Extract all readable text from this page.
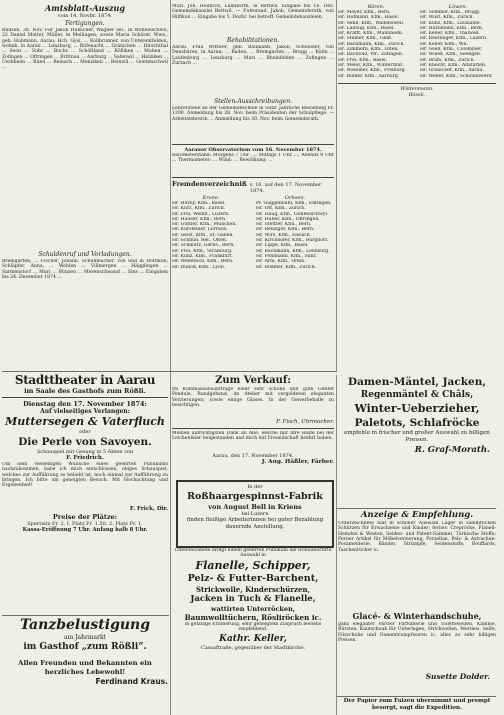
·
·
·
·
·
Amtsblatt-Auszug
vom 14. Novbr. 1874.
Fertigungen.

Bünzen, 28. Nov. Für Jakob Hübscher, Wagner sel., in Wohlenschwil, 22 Daniel Matter, Müller, in Mellingen; sowie Maria Schärer, Wwe., geb. Hubmann, Aarau; Hch. Gysi, ... Kollbrunner, von Unterentfelden, wohnh. in Aarau ... Lenzburg, ... Rüfenacht ... Gränichen ... Hirschthal ... Seon ... Suhr ... Buchs ... Schöftland ... Kölliken ... Muhen ... Zofingen ... Oftringen ... Brittnau ... Aarburg ... Safenwil ... Holziken ... Uerkheim ... Rued ... Reinach ... Menziken ... Beinwil ... Gontenschwil ...

Schuldenruf und Vorladungen.

Bremgarten, ... Fischer, Johann, Schuhmacher, von und in Dottikon; Schläpfer, Anna, ... Wohlen ... Villmergen ... Hägglingen ... Sarmenstorf ... Muri ... Bünzen ... Merenschwand ... Sins ... Eingaben bis 24. Dezember 1874 ...

Muri. Joh. Heinrich, Landwirth, in Bettwil. Eingabe bis 16. Dez. Gemeindekanzlei Bettwil. — Futteraad. Jakob, Gemeinderath, von Hilfikon ... Eingabe bis 5. Dezbr. bei betreff. Gemeindekanzleien.

Rehabilitationen.

Aarau. Frau Wittwer, geb. Baumann, Jakob, Schneider, von Densbüren, in Aarau; ... Baden, ... Bremgarten ... Brugg ... Kulm ... Laufenburg ... Lenzburg ... Muri ... Rheinfelden ... Zofingen ... Zurzach ...

Stellen-Ausschreibungen.

Lehrerstelle an der Gemeindeschule in Suhr. Jährliche Besoldung Fr. 1200. Anmeldung bis 28. Nov. beim Präsidenten der Schulpflege. — Arbeitslehrerin ... Anmeldung bis 30. Nov. beim Gemeinderath.

Aarauer Observatorium vom 16. November 1874.

Barometerstand: Morgens 7 Uhr ...; Mittags 1 Uhr ...; Abends 9 Uhr ... Thermometer: ... Wind: ... Bewölkung: ...

Fremdenverzeichniß v. 16. auf den 17. November 1874.
Krone.
Hr. Hürny, Kfm., Basel.
Hr. Kurz, Kfm., Zürich.
Hr. Frei, Weinh., Luzern.
Hr. Hauser, Kfm., Bern.
Hr. Güttler, Kfm., München.
Hr. Kürsteiner, Lörrach.
Hr. Geist, Kfm., St. Gallen.
Hr. Schmid, Ref., Olten.
Hr. Schmutz, Gerbs., Bern.
Hr. Frei, Kfm., Straßburg.
Hr. Kunz, Kfm., Frankfurt.
Hr. Weinreich, Kfm., Bern.
Hr. Rudolf, Kfm., Lyon.
Ochsen.
Pf. Guggenbühl, Kfm., Entingen.
Hr. Ott, Kfm., Zürich.
Hr. Haug, Kfm., Gontenschwyl.
Hr. Huber, Kfm., Oftringen.
Hr. Stettler, Kfm., Bern.
Hr. Benziger, Kfm., Bern.
Hr. Wirz, Kfm., Sissach.
Hr. Kirchhofer, Kfm., Burgdorf.
Hr. Lippe, Kfm., Basel.
Hr. Bachmann, Kfm., Lenzburg.
Hr. Fehlmann, Kfm., Suhr.
Hr. Arni, Kfm., Olten.
Hr. Bodmer, Kfm., Zürich.
Stadttheater in Aarau
im Saale des Gasthofs zum Rößli.
Dienstag den 17. November 1874:
Auf vielseitiges Verlangen:
Muttersegen & Vaterfluch
oder
Die Perle von Savoyen.
Schauspiel mit Gesang in 5 Akten von
F. Friedrich.

Um dem vielseitigen Wunsche eines geehrten Publikums nachzukommen, habe ich mich entschlossen, obiges Schauspiel, welches zur Aufführung so beliebt ist, noch einmal zur Aufführung zu bringen. Ich bitte um geneigten Besuch. Mit Hochachtung und Ergebenheit!

F. Frick, Dir.
Preise der Plätze:
Sperrsitz Fr. 2, I. Platz Fr. 1.50, 2. Platz Fr. 1.
Kassa-Eröffnung 7 Uhr. Anfang halb 8 Uhr.
Tanzbelustigung
am Jahrmarkt
im Gasthof „zum Rößli“.
Allen Freunden und Bekannten ein herzliches Lebewohl!
Ferdinand Kraus.
Zum Verkauf:

Im Kommissionsauftrage einer sehr schöne und gute Genfer Pendule, Rundgehend, im Atelier mit vergoldeten eleganten Verzierungen; sowie einige Glases. In der Gewerbehalle zu besichtigen.

F. Fisch, Uhrmacher.

Meinen aufrichtigsten Dank an Alle, welche mir ihre Hülfe bei der Leichenfeier beigestanden und mich mit Freundschaft beehrt haben.

Aarau, den 17. November 1874.
J. Aug. Häßler, Färber.
In der
Roßhaargespinnst-Fabrik
von August Bell in Kriens
bei Luzern
finden fleißige Arbeiterinnen bei guter Bezahlung dauernde Anstellung.

Unterzeichnete bringt einem geehrten Publikum die wohlassortirte Auswahl in

Flanelle, Schipper,
Pelz- & Futter-Barchent,
Strickwolle, Kinderschürzen,
Jacken in Tuch & Flanelle,
wattirten Unterröcken,
Baumwolltüchern, Rösliröcken ic.

in gefällige Erinnerung, sehr geneigtem Zuspruch bestens empfehlend.

Kathr. Keller,
Cassaftraße, gegenüber der Stadtkirche.
Damen-Mäntel, Jacken,
Regenmäntel & Châls,
Winter-Ueberzieher,
Paletots, Schlafröcke
empfehle in frischer und großer Auswahl zu billigen Preisen.
R. Graf-Morath.
Anzeige & Empfehlung.

Unterzeichnete hält in schöner Auswahl Lager in sämmtlichen Schürzen für Erwachsene und Kinder; ferner: Crepröcke, Flanell-Hemden & Westen, Seiden- und Patent-Sammet, Türkische Stoffe; Ferner Artikel für Möbelverzierung, Porzellan, Pelz- & Astrachan-Posamenterie, Bänder, Strümpfe, Seidenstoffe, Bouffards, Taschentücher ic.

Glacé- & Winterhandschuhe,

ganz eleganter Pariser Parfumerie und Toiletteseifen, Kämme, Bürsten, Kautschouk für Unterlagen, Strickwollen, Merinos, Seife, Filzschuhe und Damentrumpfwaren ic. alles zu sehr billigen Preisen.

Susette Dolder.
Der Papier zum Falzen übernimmt und prompt besorgt, sagt die Expedition.
Bären.
Hr. Meyer, Kfm., Bern.
Hr. Hofmann, Kfm., Basel.
Hr. Senn, Kfm., Wädensweil.
Hr. Ludwig, Kfm., Basel.
Hr. Krafft, Kfm., Mannheim.
Hr. Steiner, Kfm., Genf.
Hr. Bachmann, Kfm., Zürich.
Hr. Zimmerli, Kfm., Olten.
Hr. Bächtold, Pfr., Zofingen.
Hr. Frei, Kfm., Basel.
Hr. Meier, Kfm., Winterthur.
Hr. Wassmer, Kfm., Freiburg.
Hr. Bühler, Kfm., Aarburg.
Löwen.
Hr. Sommer, Kfm., Brugg.
Hr. Wüst, Kfm., Zürich.
Hr. Kunz, Kfm., Lausanne.
Hr. Hürlimann, Kfm., Bern.
Hr. Keller, Kfm., Thalweil.
Hr. Reutlinger, Kfm., Luzern.
Hr. Keller, Kfm., Wil.
Hr. Gsell, Kfm., Colombier.
Hr. Wüest, Kfm., Seengen.
Hr. Bräm, Kfm., Zürich.
Hr. Knecht, Kfm., Altstätten.
Hr. Gränicher, Kfm., Aarau.
Hr. Weber, Kfm., Schönenwerd.
Wildenmann.
Rössli.
